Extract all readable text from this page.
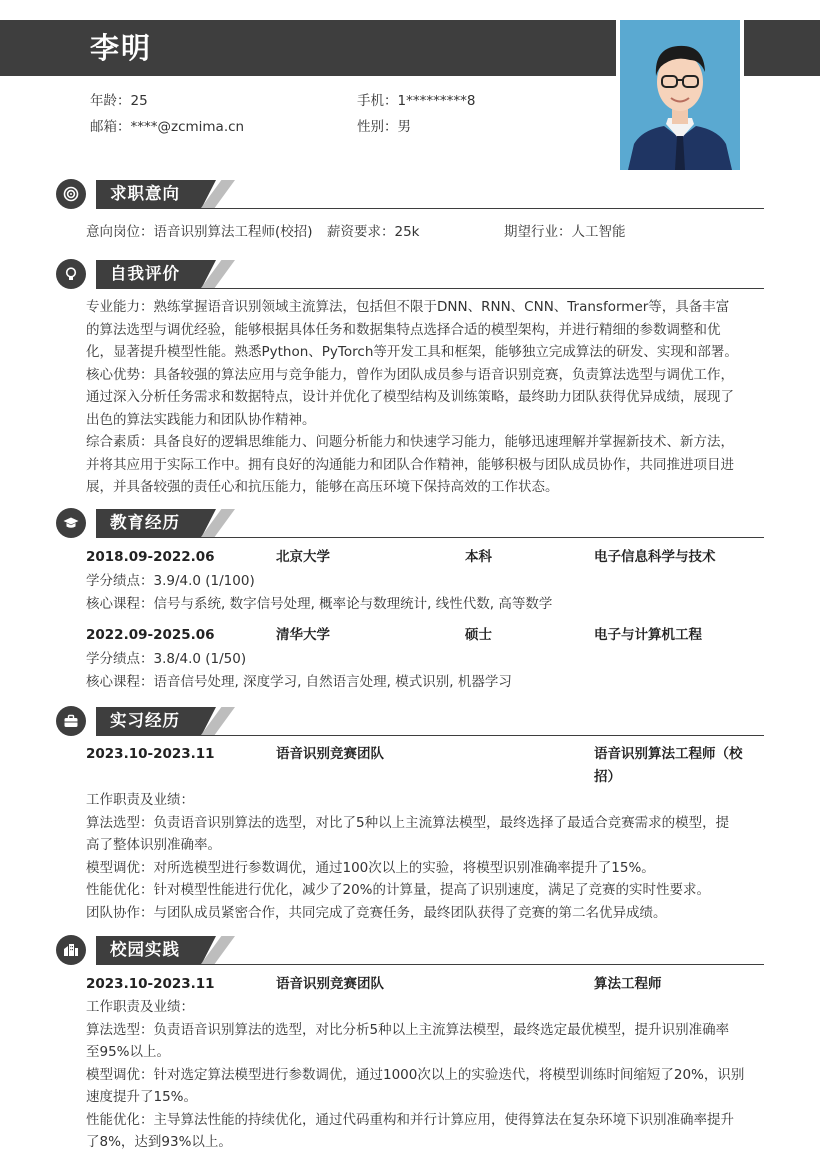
李明
年龄：25	手机：1*********8
邮箱：****@zcmima.cn	性别：男
求职意向
意向岗位：语音识别算法工程师(校招) 薪资要求：25k	期望行业：人工智能
自我评价
专业能力：熟练掌握语音识别领域主流算法，包括但不限于DNN、RNN、CNN、Transformer等，具备丰富
的算法选型与调优经验，能够根据具体任务和数据集特点选择合适的模型架构，并进行精细的参数调整和优
化，显著提升模型性能。熟悉Python、PyTorch等开发工具和框架，能够独立完成算法的研发、实现和部署。
核心优势：具备较强的算法应用与竞争能力，曾作为团队成员参与语音识别竞赛，负责算法选型与调优工作，
通过深入分析任务需求和数据特点，设计并优化了模型结构及训练策略，最终助力团队获得优异成绩，展现了
出色的算法实践能力和团队协作精神。
综合素质：具备良好的逻辑思维能力、问题分析能力和快速学习能力，能够迅速理解并掌握新技术、新方法，
并将其应用于实际工作中。拥有良好的沟通能力和团队合作精神，能够积极与团队成员协作，共同推进项目进
展，并具备较强的责任心和抗压能力，能够在高压环境下保持高效的工作状态。
教育经历
2018.09-2022.06	北京大学	本科	电子信息科学与技术
学分绩点：3.9/4.0 (1/100)
核心课程：信号与系统, 数字信号处理, 概率论与数理统计, 线性代数, 高等数学
2022.09-2025.06	清华大学	硕士	电子与计算机工程
学分绩点：3.8/4.0 (1/50)
核心课程：语音信号处理, 深度学习, 自然语言处理, 模式识别, 机器学习
实习经历
2023.10-2023.11	语音识别竞赛团队	语音识别算法工程师（校
招）
工作职责及业绩：
算法选型：负责语音识别算法的选型，对比了5种以上主流算法模型，最终选择了最适合竞赛需求的模型，提
高了整体识别准确率。
模型调优：对所选模型进行参数调优，通过100次以上的实验，将模型识别准确率提升了15%。
性能优化：针对模型性能进行优化，减少了20%的计算量，提高了识别速度，满足了竞赛的实时性要求。
团队协作：与团队成员紧密合作，共同完成了竞赛任务，最终团队获得了竞赛的第二名优异成绩。
校园实践
2023.10-2023.11	语音识别竞赛团队	算法工程师
工作职责及业绩：
算法选型：负责语音识别算法的选型，对比分析5种以上主流算法模型，最终选定最优模型，提升识别准确率
至95%以上。
模型调优：针对选定算法模型进行参数调优，通过1000次以上的实验迭代，将模型训练时间缩短了20%，识别
速度提升了15%。
性能优化：主导算法性能的持续优化，通过代码重构和并行计算应用，使得算法在复杂环境下识别准确率提升
了8%，达到93%以上。
